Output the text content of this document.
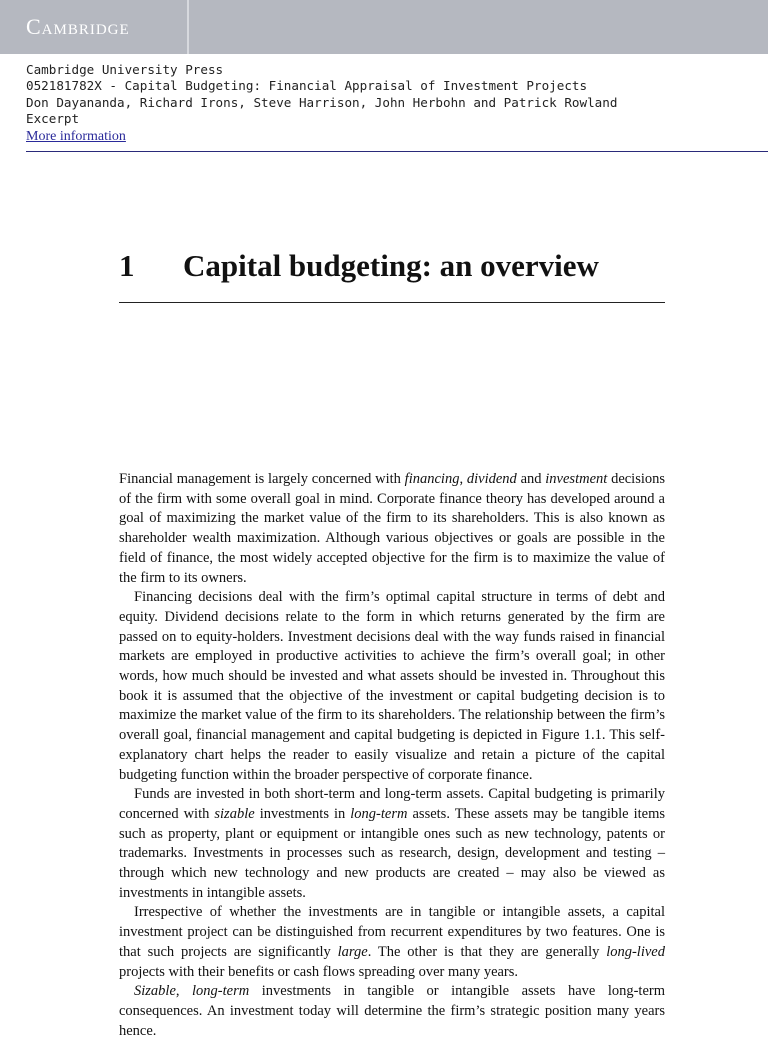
Cambridge
Cambridge University Press
052181782X - Capital Budgeting: Financial Appraisal of Investment Projects
Don Dayananda, Richard Irons, Steve Harrison, John Herbohn and Patrick Rowland
Excerpt
More information
1 Capital budgeting: an overview

Financial management is largely concerned with financing, dividend and investment decisions of the firm with some overall goal in mind. Corporate finance theory has developed around a goal of maximizing the market value of the firm to its shareholders. This is also known as shareholder wealth maximization. Although various objectives or goals are possible in the field of finance, the most widely accepted objective for the firm is to maximize the value of the firm to its owners.

Financing decisions deal with the firm’s optimal capital structure in terms of debt and equity. Dividend decisions relate to the form in which returns generated by the firm are passed on to equity-holders. Investment decisions deal with the way funds raised in financial markets are employed in productive activities to achieve the firm’s overall goal; in other words, how much should be invested and what assets should be invested in. Throughout this book it is assumed that the objective of the investment or capital budgeting decision is to maximize the market value of the firm to its shareholders. The relationship between the firm’s overall goal, financial management and capital budgeting is depicted in Figure 1.1. This self-explanatory chart helps the reader to easily visualize and retain a picture of the capital budgeting function within the broader perspective of corporate finance.

Funds are invested in both short-term and long-term assets. Capital budgeting is primarily concerned with sizable investments in long-term assets. These assets may be tangible items such as property, plant or equipment or intangible ones such as new technology, patents or trademarks. Investments in processes such as research, design, development and testing – through which new technology and new products are created – may also be viewed as investments in intangible assets.

Irrespective of whether the investments are in tangible or intangible assets, a capital investment project can be distinguished from recurrent expenditures by two features. One is that such projects are significantly large. The other is that they are generally long-lived projects with their benefits or cash flows spreading over many years.

Sizable, long-term investments in tangible or intangible assets have long-term consequences. An investment today will determine the firm’s strategic position many years hence.
